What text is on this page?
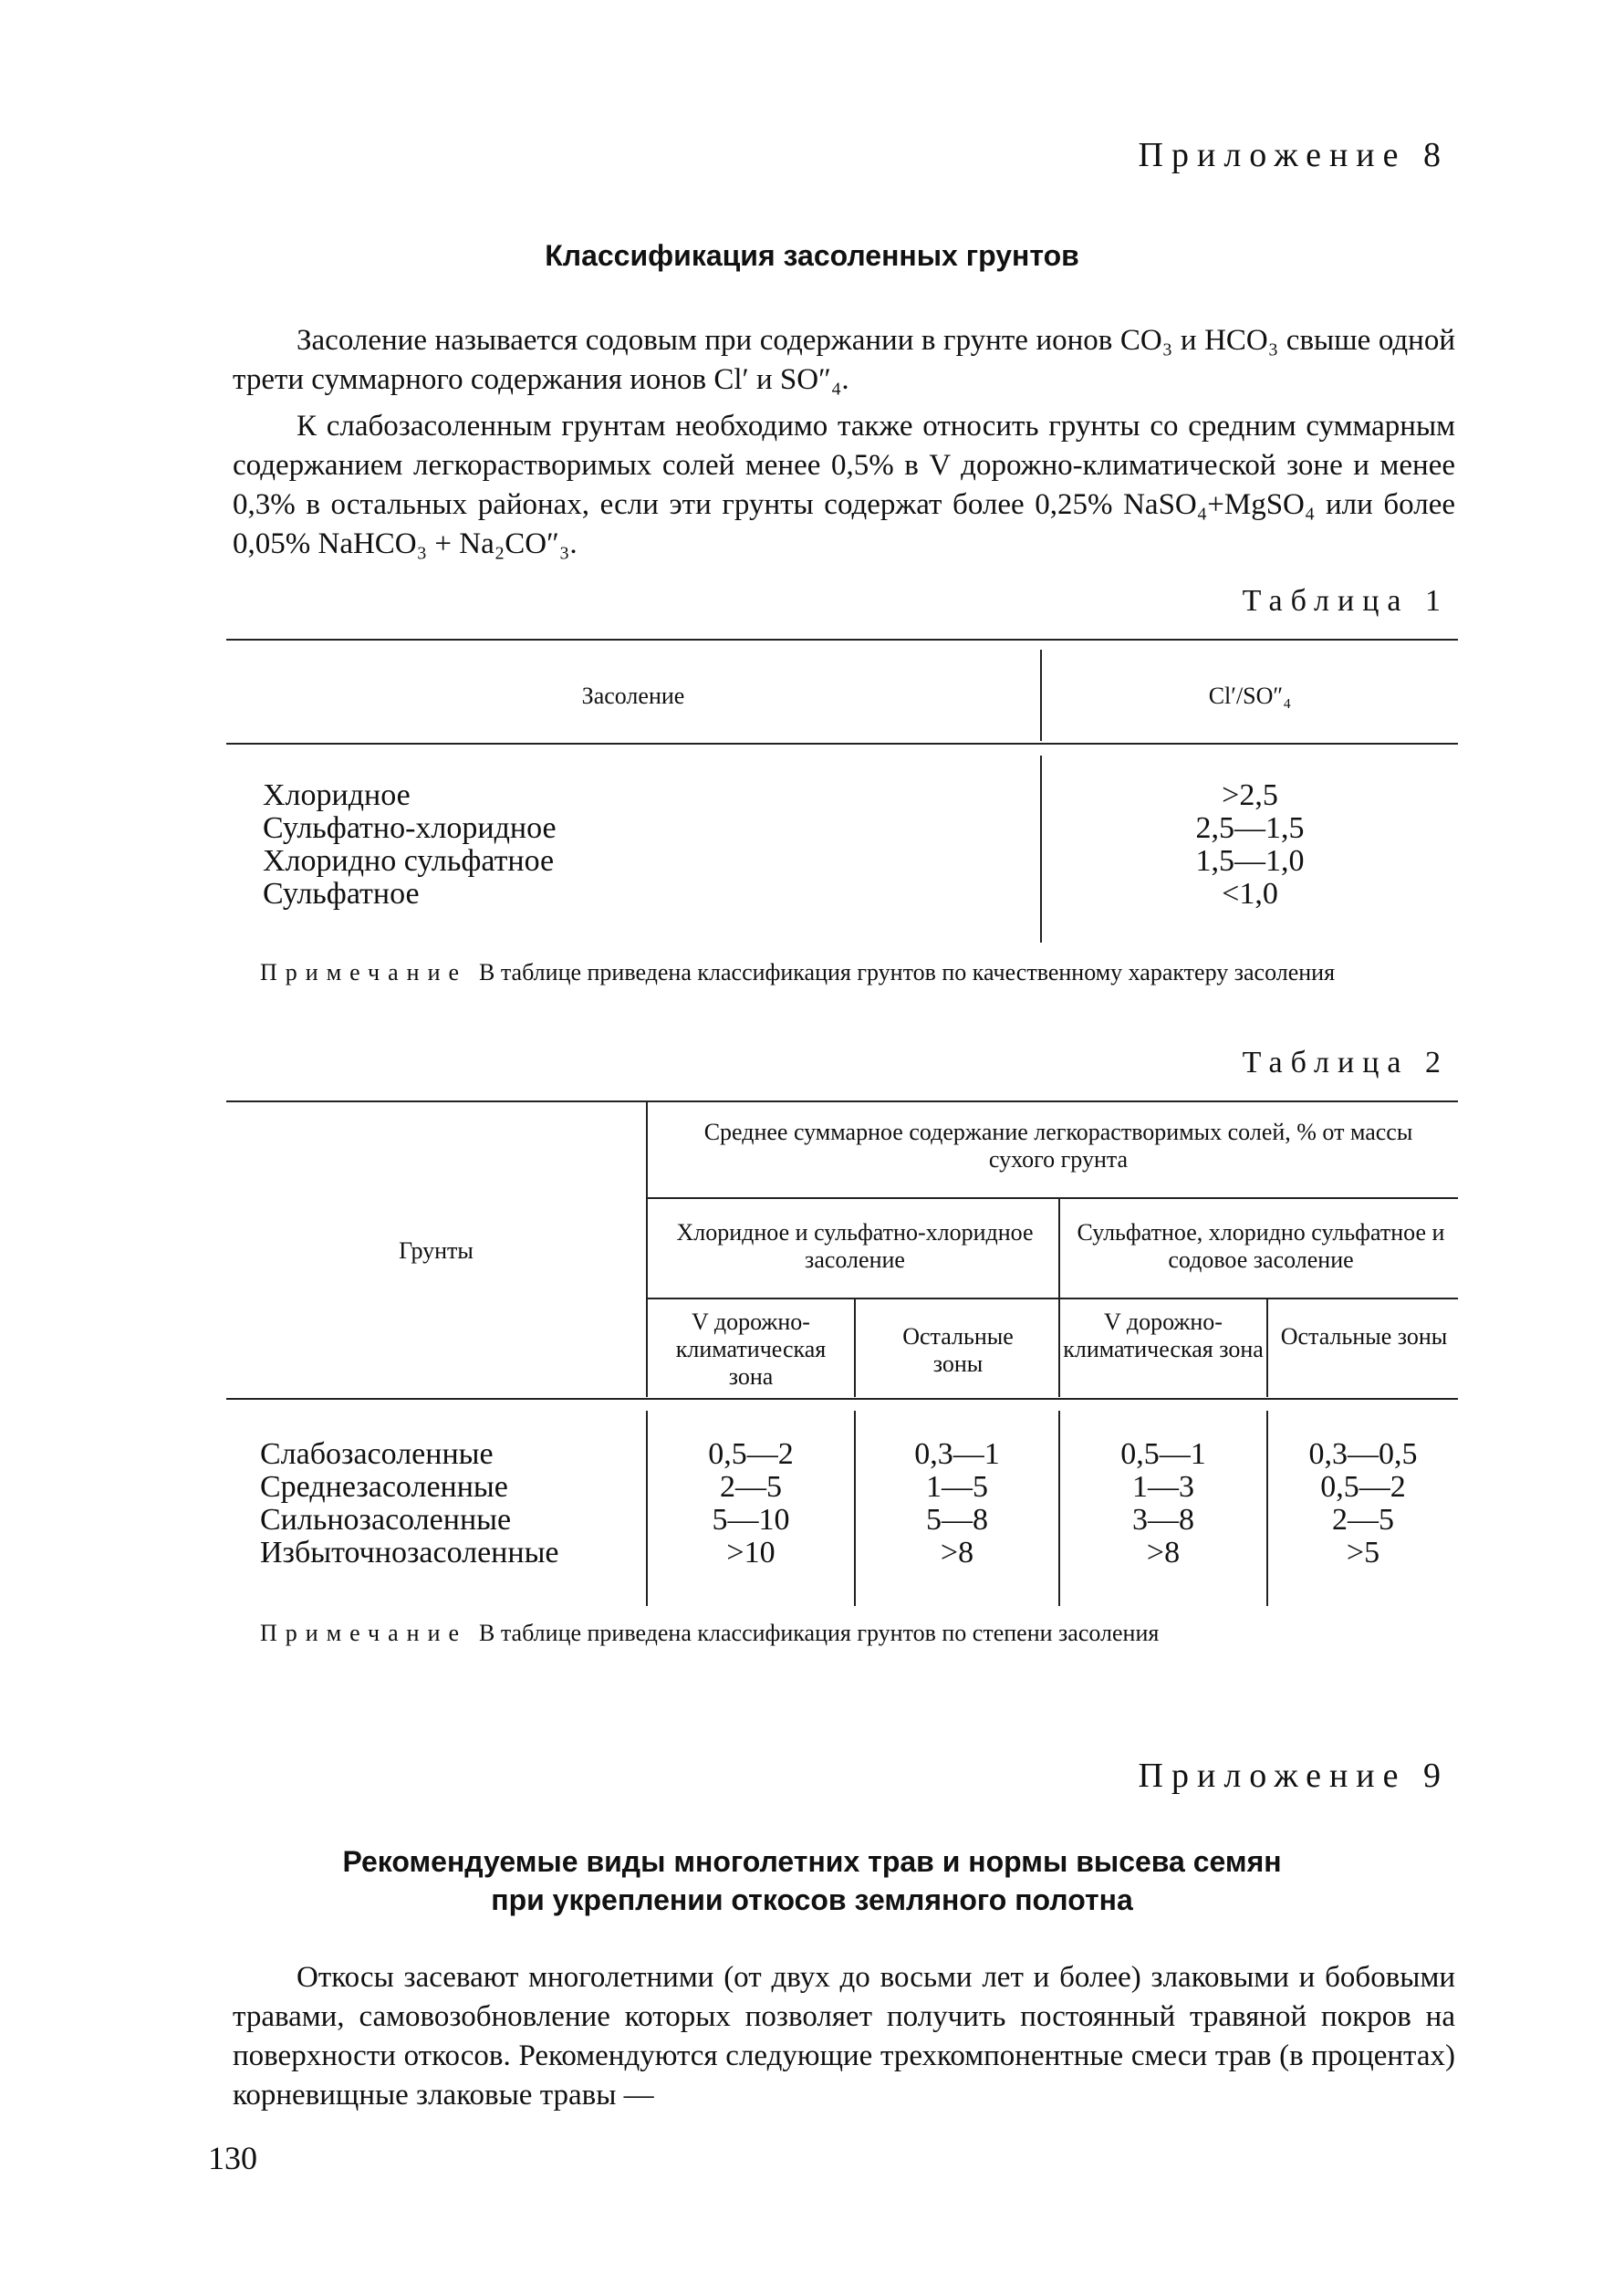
Приложение 8
Классификация засоленных грунтов
Засоление называется содовым при содержании в грунте ионов CO₃ и HCO₃ свыше одной трети суммарного содержания ионов Cl′ и SO″₄.
К слабозасоленным грунтам необходимо также относить грунты со средним суммарным содержанием легкорастворимых солей менее 0,5% в V дорожно-климатической зоне и менее 0,3% в остальных районах, если эти грунты содержат более 0,25% NaSO₄+MgSO₄ или более 0,05% NaHCO₃ + Na₂CO″₃.
Таблица 1
Засоление	Cl′/SO″₄
Хлоридное
Сульфатно-хлоридное
Хлоридно сульфатное
Сульфатное
>2,5
2,5—1,5
1,5—1,0
<1,0
Примечание В таблице приведена классификация грунтов по качественному характеру засоления
Таблица 2
Грунты
Среднее суммарное содержание легкорастворимых солей, % от массы сухого грунта
Хлоридное и сульфатно-хлоридное засоление
Сульфатное, хлоридно сульфатное и содовое засоление
V дорожно-климатическая зона
Остальные зоны
V дорожно-климатическая зона Остальные зоны
Слабозасоленные
Среднезасоленные
Сильнозасоленные
Избыточнозасоленные
0,5—2
2—5
5—10
>10
0,3—1
1—5
5—8
>8
0,5—1
1—3
3—8
>8
0,3—0,5
0,5—2
2—5
>5
Примечание В таблице приведена классификация грунтов по степени засоления
Приложение 9
Рекомендуемые виды многолетних трав и нормы высева семян
при укреплении откосов земляного полотна
Откосы засевают многолетними (от двух до восьми лет и более) злаковыми и бобовыми травами, самовозобновление которых позволяет получить постоянный травяной покров на поверхности откосов. Рекомендуются следующие трехкомпонентные смеси трав (в процентах) корневищные злаковые травы —
130
